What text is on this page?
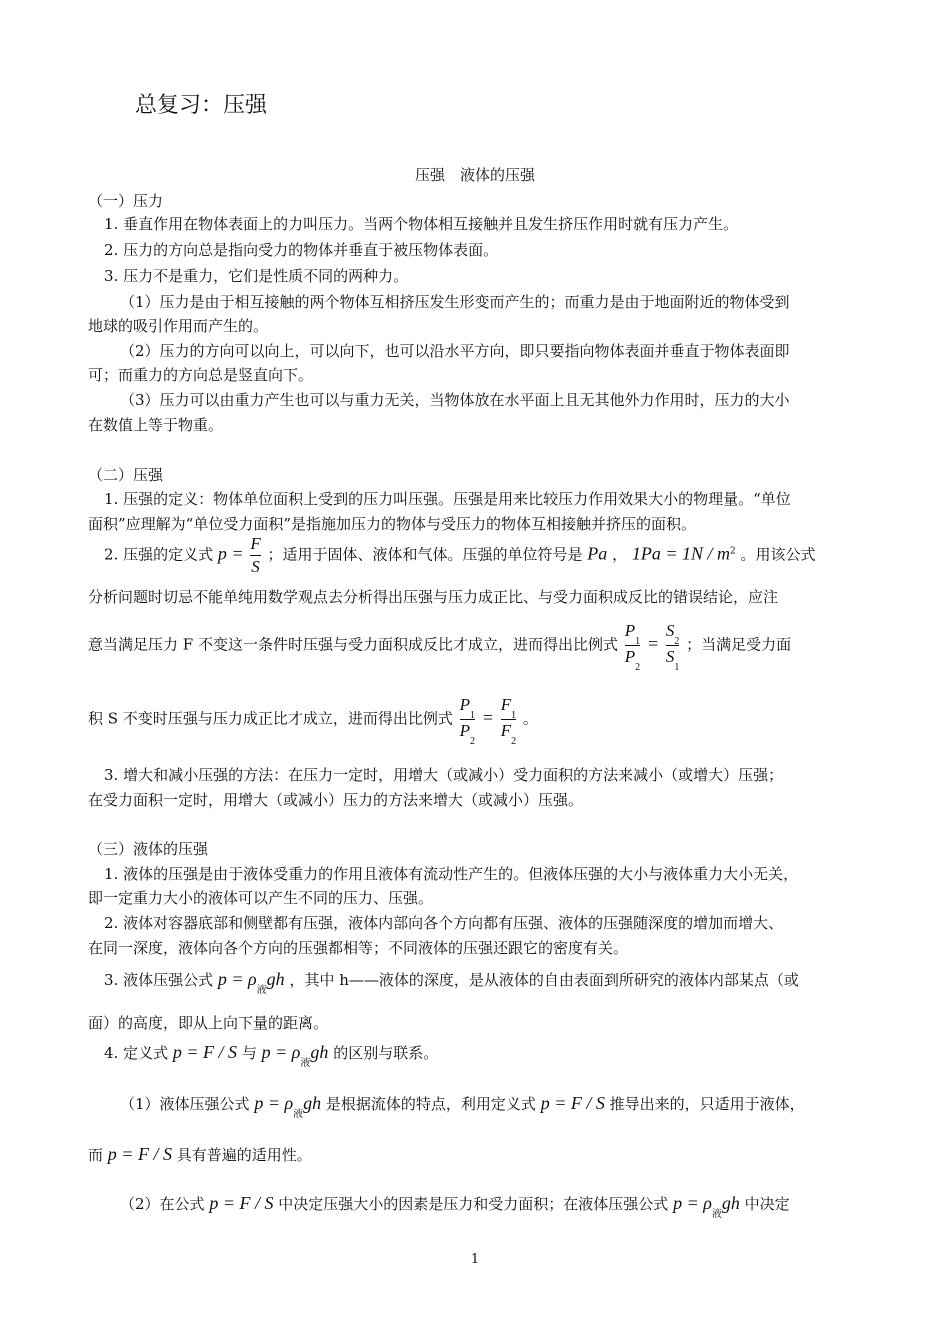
总复习：压强
压强　液体的压强
（一）压力
1. 垂直作用在物体表面上的力叫压力。当两个物体相互接触并且发生挤压作用时就有压力产生。
2. 压力的方向总是指向受力的物体并垂直于被压物体表面。
3. 压力不是重力，它们是性质不同的两种力。
（1）压力是由于相互接触的两个物体互相挤压发生形变而产生的；而重力是由于地面附近的物体受到
地球的吸引作用而产生的。
（2）压力的方向可以向上，可以向下，也可以沿水平方向，即只要指向物体表面并垂直于物体表面即
可；而重力的方向总是竖直向下。
（3）压力可以由重力产生也可以与重力无关，当物体放在水平面上且无其他外力作用时，压力的大小
在数值上等于物重。
（二）压强
1. 压强的定义：物体单位面积上受到的压力叫压强。压强是用来比较压力作用效果大小的物理量。“单位
面积”应理解为“单位受力面积”是指施加压力的物体与受压力的物体互相接触并挤压的面积。
2. 压强的定义式 $p = \frac{F}{S}$ ；适用于固体、液体和气体。压强的单位符号是 Pa ， $1Pa = 1N / m^2$ 。用该公式
分析问题时切忌不能单纯用数学观点去分析得出压强与压力成正比、与受力面积成反比的错误结论，应注
意当满足压力 F 不变这一条件时压强与受力面积成反比才成立，进而得出比例式 $\frac{P_1}{P_2} = \frac{S_2}{S_1}$ ；当满足受力面
积 S 不变时压强与压力成正比才成立，进而得出比例式 $\frac{P_1}{P_2} = \frac{F_1}{F_2}$ 。
3. 增大和减小压强的方法：在压力一定时，用增大（或减小）受力面积的方法来减小（或增大）压强；
在受力面积一定时，用增大（或减小）压力的方法来增大（或减小）压强。
（三）液体的压强
1. 液体的压强是由于液体受重力的作用且液体有流动性产生的。但液体压强的大小与液体重力大小无关，
即一定重力大小的液体可以产生不同的压力、压强。
2. 液体对容器底部和侧壁都有压强，液体内部向各个方向都有压强、液体的压强随深度的增加而增大、
在同一深度，液体向各个方向的压强都相等；不同液体的压强还跟它的密度有关。
3. 液体压强公式 $p = \rho_液gh$ ，其中 h——液体的深度，是从液体的自由表面到所研究的液体内部某点（或
面）的高度，即从上向下量的距离。
4. 定义式 p = F / S 与 $p = \rho_液gh$ 的区别与联系。
（1）液体压强公式 $p = \rho_液gh$ 是根据流体的特点，利用定义式 p = F / S 推导出来的，只适用于液体，
而 p = F / S 具有普遍的适用性。
（2）在公式 p = F / S 中决定压强大小的因素是压力和受力面积；在液体压强公式 $p = \rho_液gh$ 中决定
1
